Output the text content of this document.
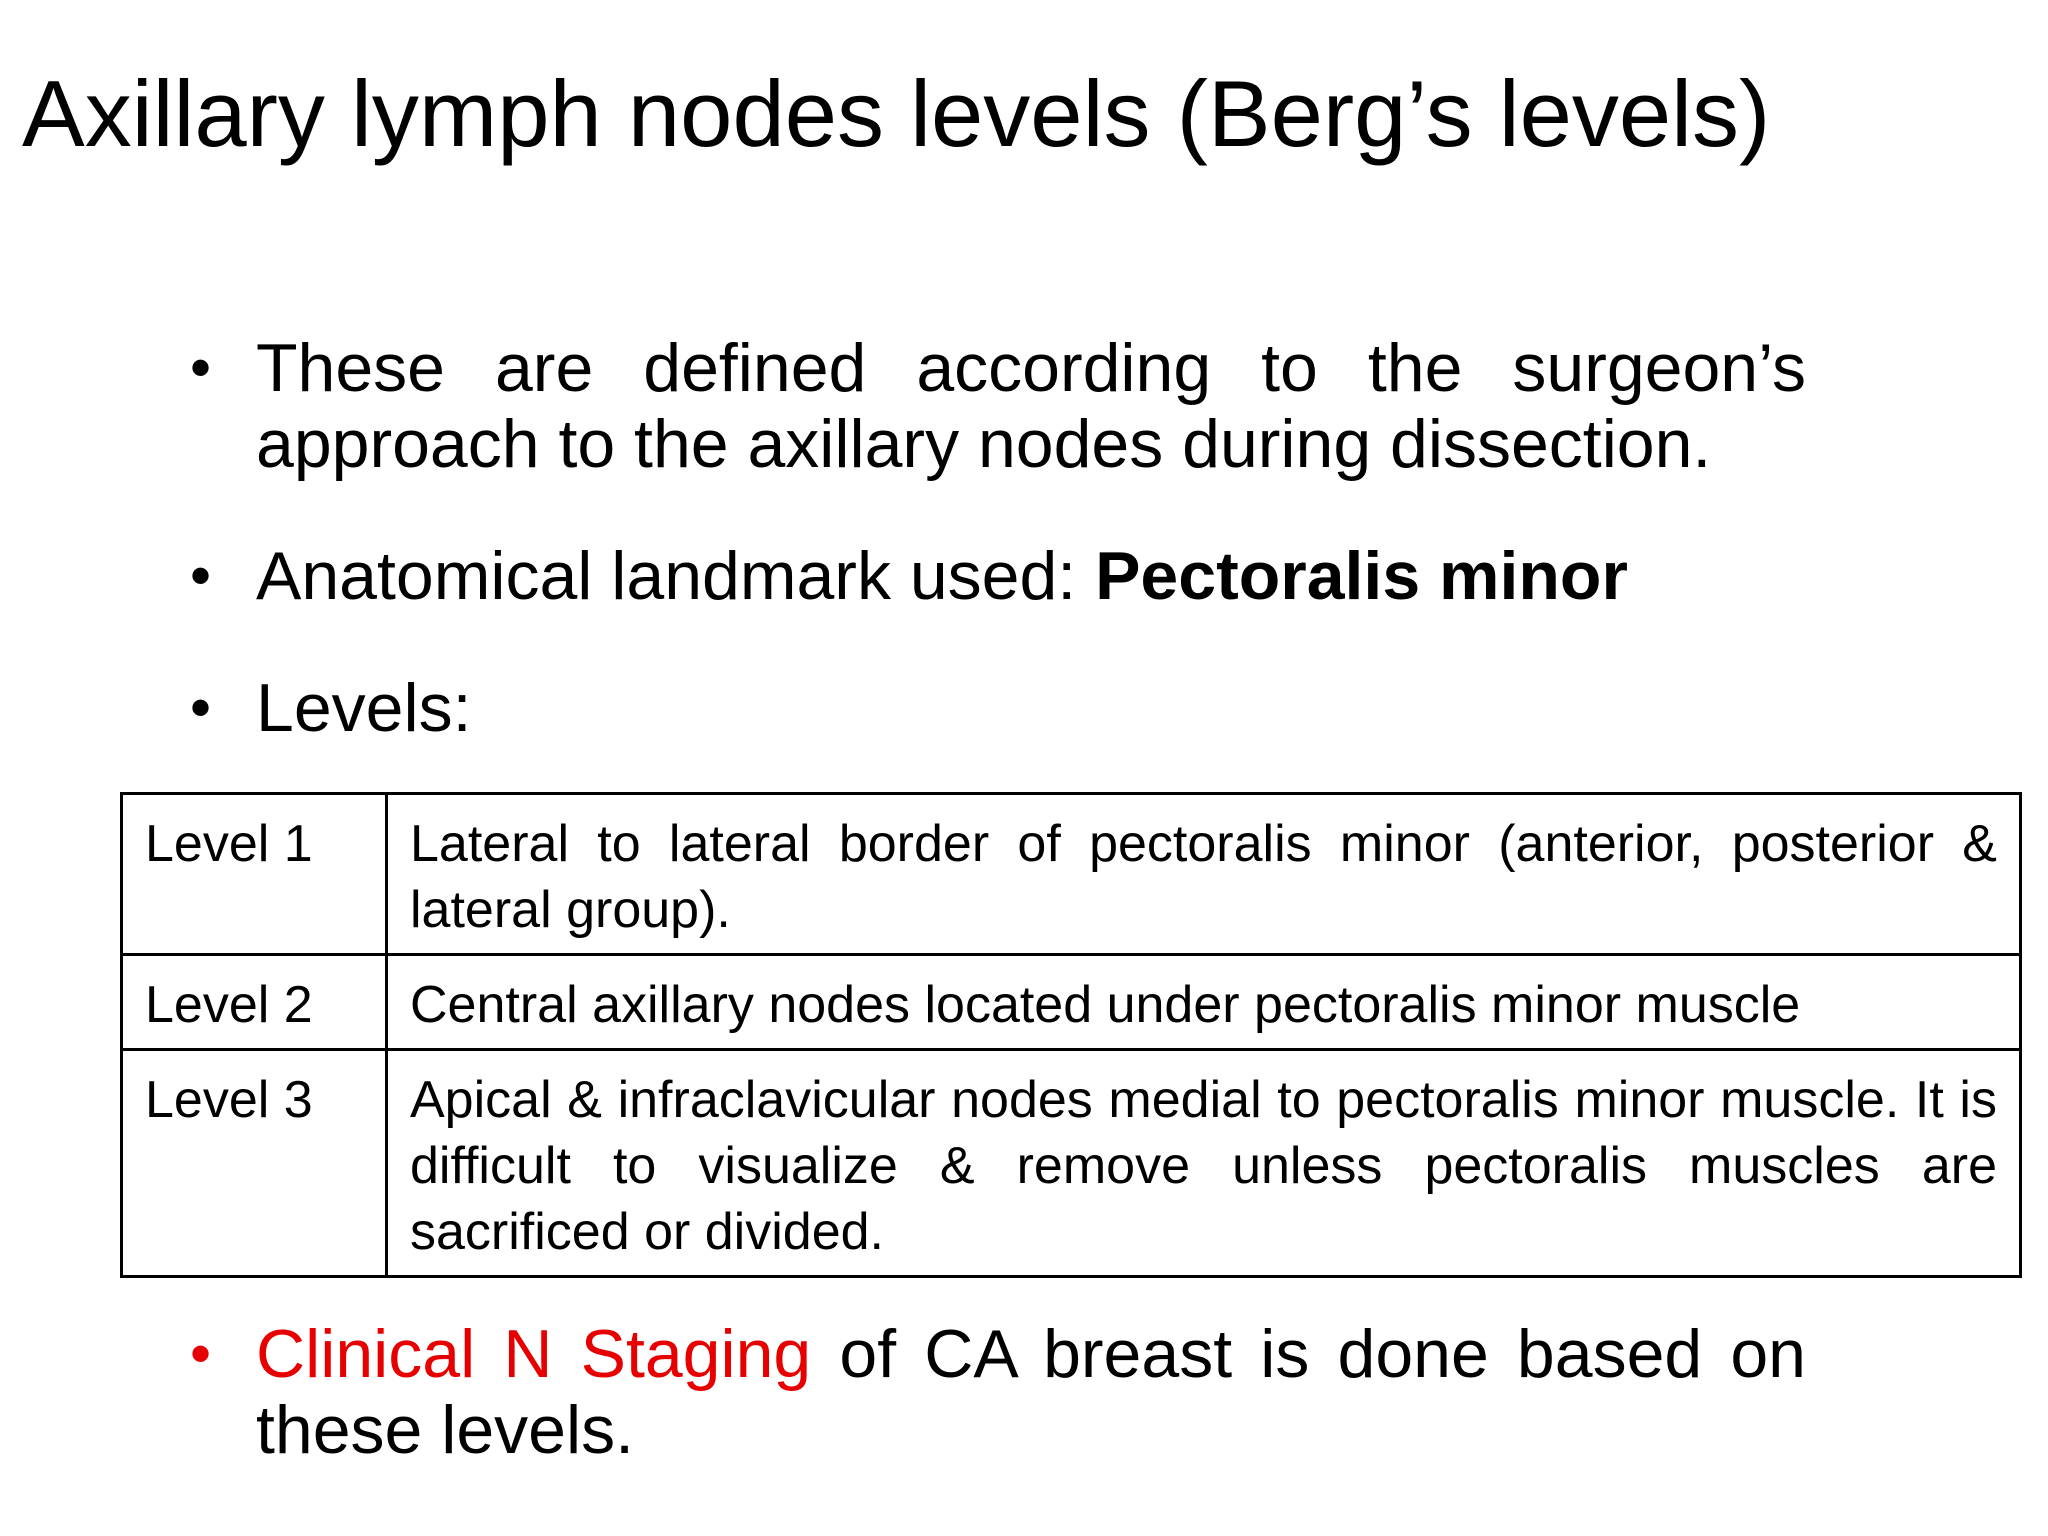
Axillary lymph nodes levels (Berg’s levels)
• These are defined according to the surgeon’s approach to the axillary nodes during dissection.
• Anatomical landmark used: Pectoralis minor
• Levels:
Level 1	Lateral to lateral border of pectoralis minor (anterior, posterior & lateral group).
Level 2	Central axillary nodes located under pectoralis minor muscle
Level 3	Apical & infraclavicular nodes medial to pectoralis minor muscle. It is difficult to visualize & remove unless pectoralis muscles are sacrificed or divided.
• Clinical N Staging of CA breast is done based on these levels.
